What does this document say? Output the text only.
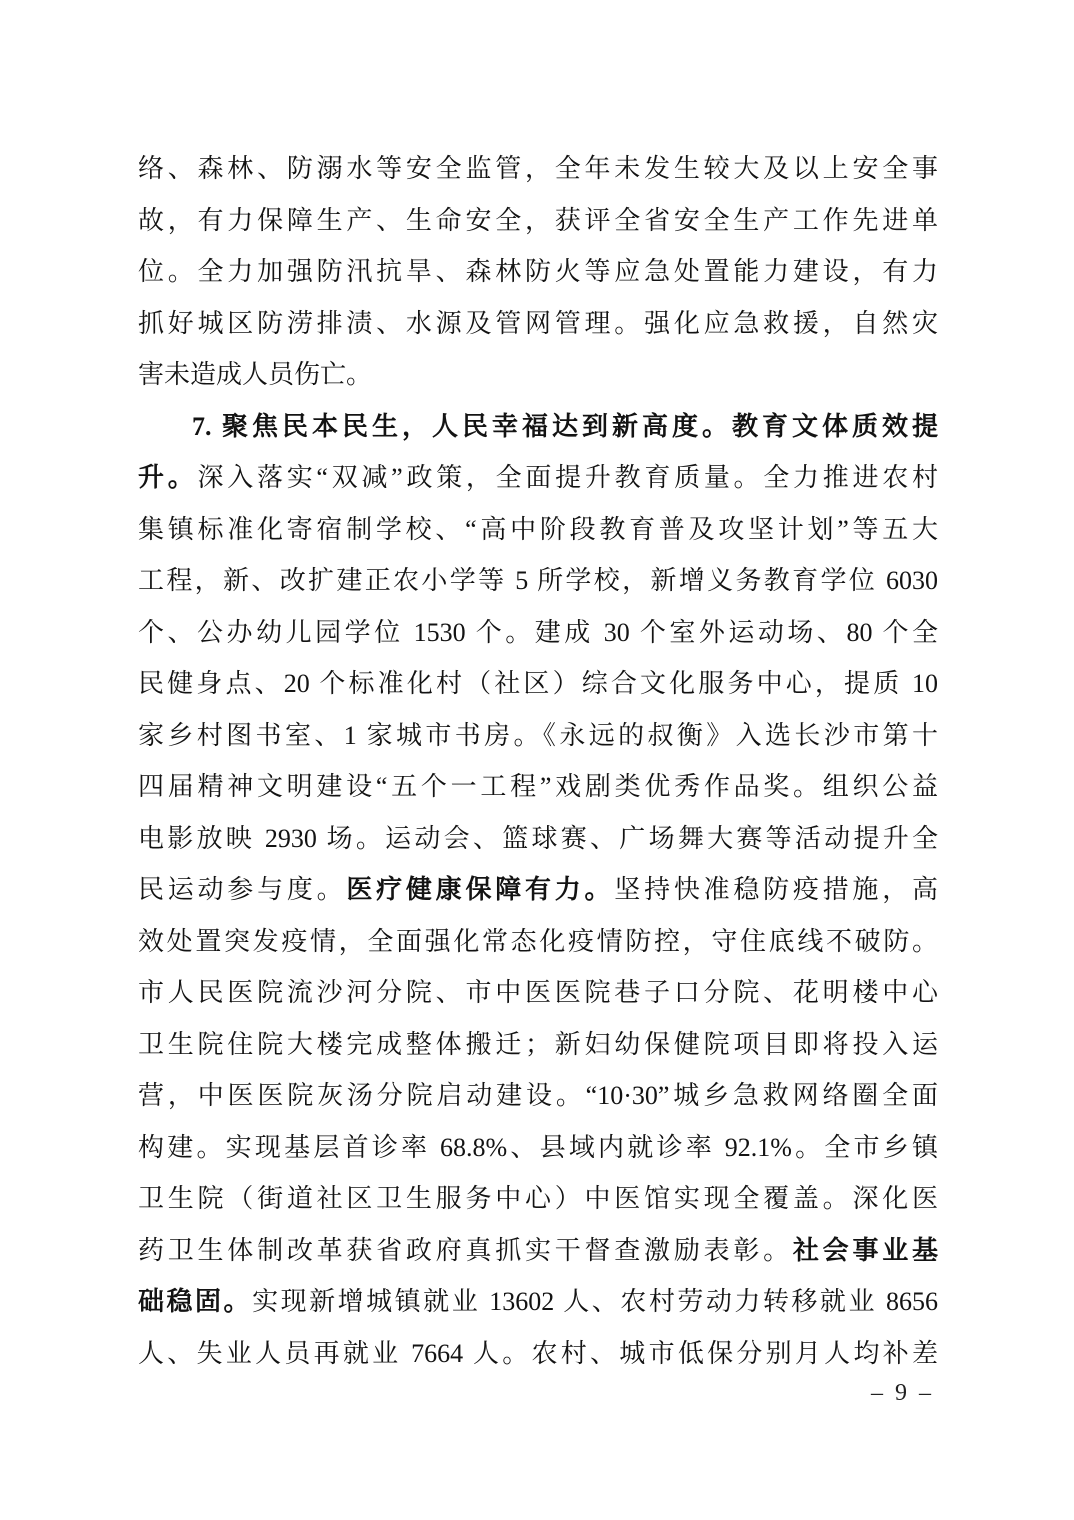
络、森林、防溺水等安全监管，全年未发生较大及以上安全事
故，有力保障生产、生命安全，获评全省安全生产工作先进单
位。全力加强防汛抗旱、森林防火等应急处置能力建设，有力
抓好城区防涝排渍、水源及管网管理。强化应急救援，自然灾
害未造成人员伤亡。
7. 聚焦民本民生，人民幸福达到新高度。教育文体质效提
升。深入落实“双减”政策，全面提升教育质量。全力推进农村
集镇标准化寄宿制学校、“高中阶段教育普及攻坚计划”等五大
工程，新、改扩建正农小学等 5 所学校，新增义务教育学位 6030
个、公办幼儿园学位 1530 个。建成 30 个室外运动场、80 个全
民健身点、20 个标准化村（社区）综合文化服务中心，提质 10
家乡村图书室、1 家城市书房。《永远的叔衡》入选长沙市第十
四届精神文明建设“五个一工程”戏剧类优秀作品奖。组织公益
电影放映 2930 场。运动会、篮球赛、广场舞大赛等活动提升全
民运动参与度。医疗健康保障有力。坚持快准稳防疫措施，高
效处置突发疫情，全面强化常态化疫情防控，守住底线不破防。
市人民医院流沙河分院、市中医医院巷子口分院、花明楼中心
卫生院住院大楼完成整体搬迁；新妇幼保健院项目即将投入运
营，中医医院灰汤分院启动建设。“10·30”城乡急救网络圈全面
构建。实现基层首诊率 68.8%、县域内就诊率 92.1%。全市乡镇
卫生院（街道社区卫生服务中心）中医馆实现全覆盖。深化医
药卫生体制改革获省政府真抓实干督查激励表彰。社会事业基
础稳固。实现新增城镇就业 13602 人、农村劳动力转移就业 8656
人、失业人员再就业 7664 人。农村、城市低保分别月人均补差
– 9 –
